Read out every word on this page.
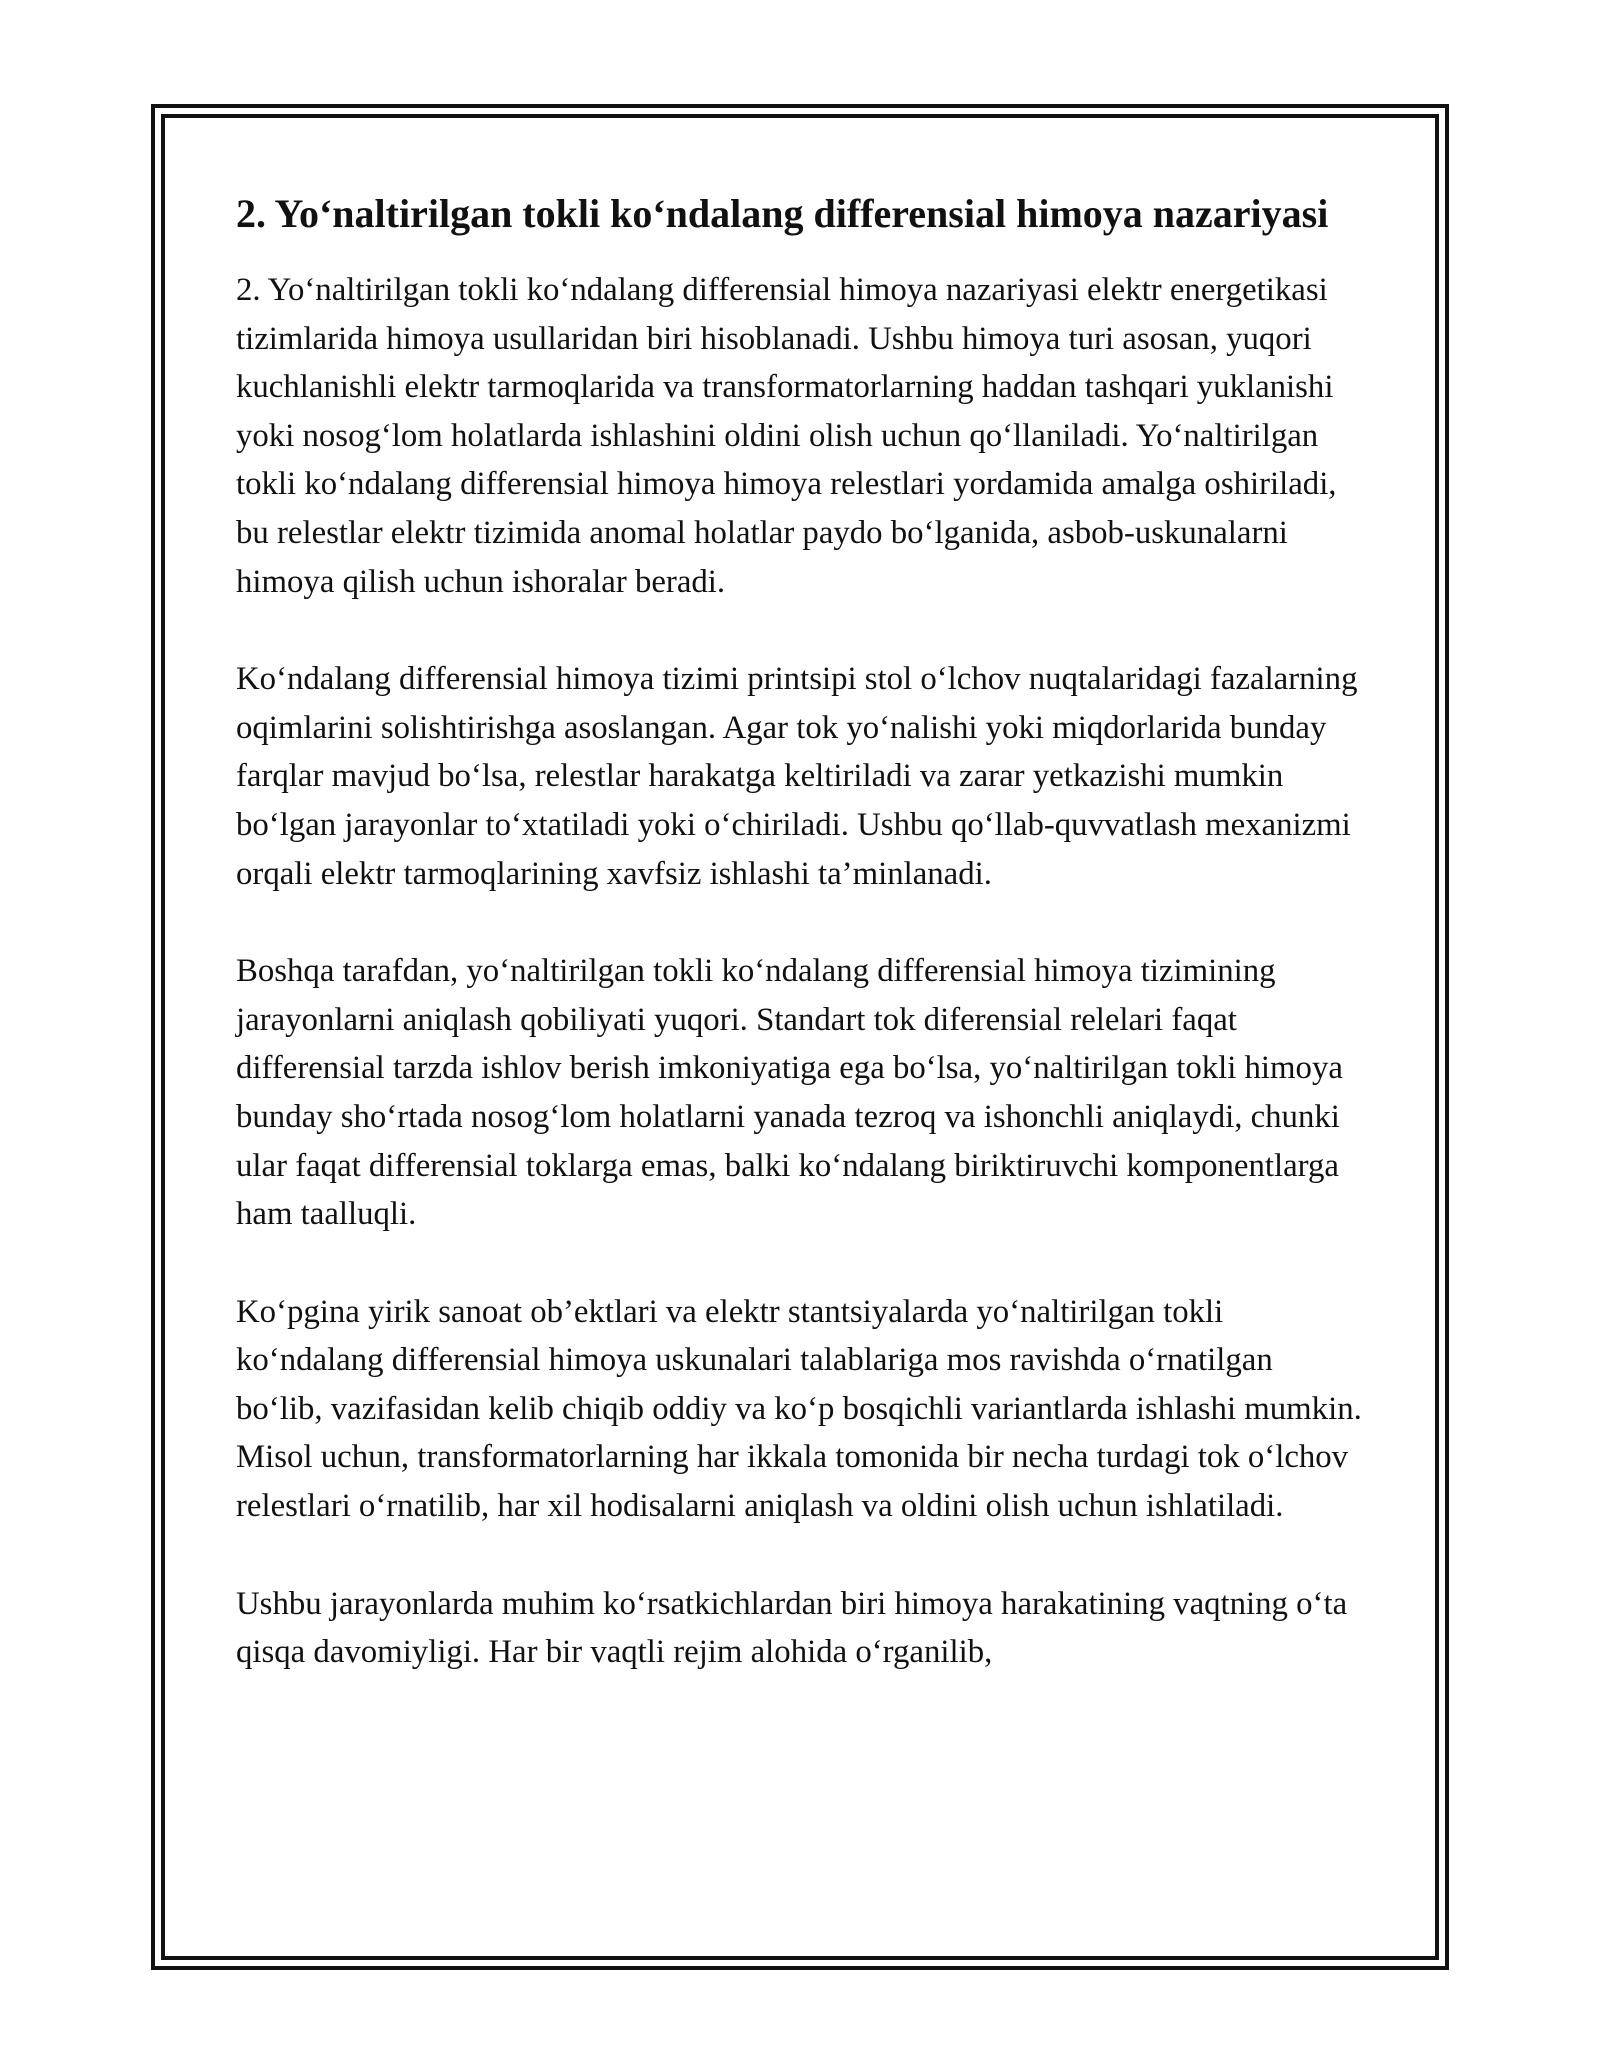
2. Yo‘naltirilgan tokli ko‘ndalang differensial himoya nazariyasi

2. Yo‘naltirilgan tokli ko‘ndalang differensial himoya nazariyasi elektr energetikasi tizimlarida himoya usullaridan biri hisoblanadi. Ushbu himoya turi asosan, yuqori kuchlanishli elektr tarmoqlarida va transformatorlarning haddan tashqari yuklanishi yoki nosog‘lom holatlarda ishlashini oldini olish uchun qo‘llaniladi. Yo‘naltirilgan tokli ko‘ndalang differensial himoya himoya relestlari yordamida amalga oshiriladi, bu relestlar elektr tizimida anomal holatlar paydo bo‘lganida, asbob-uskunalarni himoya qilish uchun ishoralar beradi.

Ko‘ndalang differensial himoya tizimi printsipi stol o‘lchov nuqtalaridagi fazalarning oqimlarini solishtirishga asoslangan. Agar tok yo‘nalishi yoki miqdorlarida bunday farqlar mavjud bo‘lsa, relestlar harakatga keltiriladi va zarar yetkazishi mumkin bo‘lgan jarayonlar to‘xtatiladi yoki o‘chiriladi. Ushbu qo‘llab-quvvatlash mexanizmi orqali elektr tarmoqlarining xavfsiz ishlashi ta’minlanadi.

Boshqa tarafdan, yo‘naltirilgan tokli ko‘ndalang differensial himoya tizimining jarayonlarni aniqlash qobiliyati yuqori. Standart tok diferensial relelari faqat differensial tarzda ishlov berish imkoniyatiga ega bo‘lsa, yo‘naltirilgan tokli himoya bunday sho‘rtada nosog‘lom holatlarni yanada tezroq va ishonchli aniqlaydi, chunki ular faqat differensial toklarga emas, balki ko‘ndalang biriktiruvchi komponentlarga ham taalluqli.

Ko‘pgina yirik sanoat ob’ektlari va elektr stantsiyalarda yo‘naltirilgan tokli ko‘ndalang differensial himoya uskunalari talablariga mos ravishda o‘rnatilgan bo‘lib, vazifasidan kelib chiqib oddiy va ko‘p bosqichli variantlarda ishlashi mumkin. Misol uchun, transformatorlarning har ikkala tomonida bir necha turdagi tok o‘lchov relestlari o‘rnatilib, har xil hodisalarni aniqlash va oldini olish uchun ishlatiladi.

Ushbu jarayonlarda muhim ko‘rsatkichlardan biri himoya harakatining vaqtning o‘ta qisqa davomiyligi. Har bir vaqtli rejim alohida o‘rganilib,
